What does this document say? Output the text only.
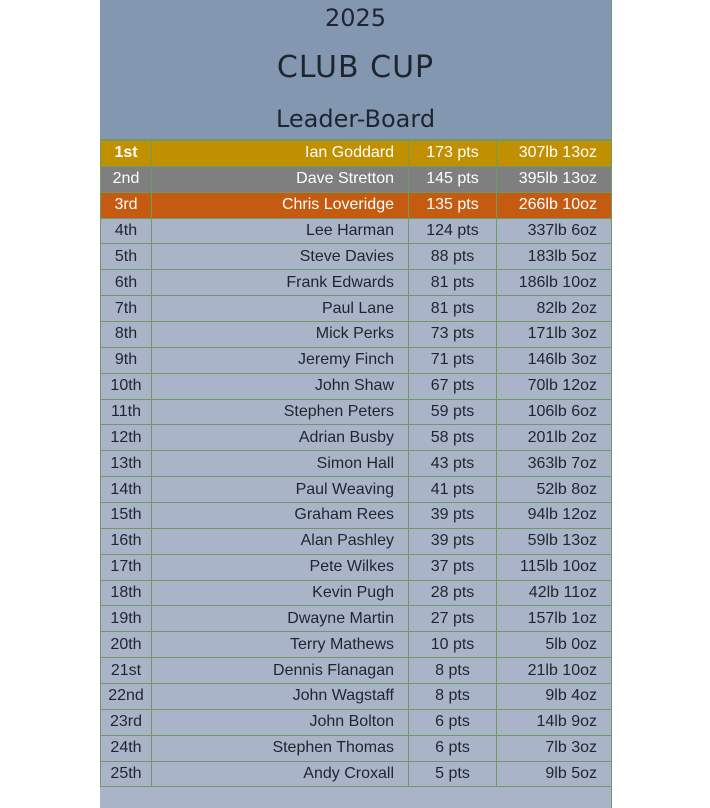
2025
CLUB CUP
Leader-Board
1st	Ian Goddard	173 pts	307lb 13oz
2nd	Dave Stretton	145 pts	395lb 13oz
3rd	Chris Loveridge	135 pts	266lb 10oz
4th	Lee Harman	124 pts	337lb 6oz
5th	Steve Davies	88 pts	183lb 5oz
6th	Frank Edwards	81 pts	186lb 10oz
7th	Paul Lane	81 pts	82lb 2oz
8th	Mick Perks	73 pts	171lb 3oz
9th	Jeremy Finch	71 pts	146lb 3oz
10th	John Shaw	67 pts	70lb 12oz
11th	Stephen Peters	59 pts	106lb 6oz
12th	Adrian Busby	58 pts	201lb 2oz
13th	Simon Hall	43 pts	363lb 7oz
14th	Paul Weaving	41 pts	52lb 8oz
15th	Graham Rees	39 pts	94lb 12oz
16th	Alan Pashley	39 pts	59lb 13oz
17th	Pete Wilkes	37 pts	115lb 10oz
18th	Kevin Pugh	28 pts	42lb 11oz
19th	Dwayne Martin	27 pts	157lb 1oz
20th	Terry Mathews	10 pts	5lb 0oz
21st	Dennis Flanagan	8 pts	21lb 10oz
22nd	John Wagstaff	8 pts	9lb 4oz
23rd	John Bolton	6 pts	14lb 9oz
24th	Stephen Thomas	6 pts	7lb 3oz
25th	Andy Croxall	5 pts	9lb 5oz
